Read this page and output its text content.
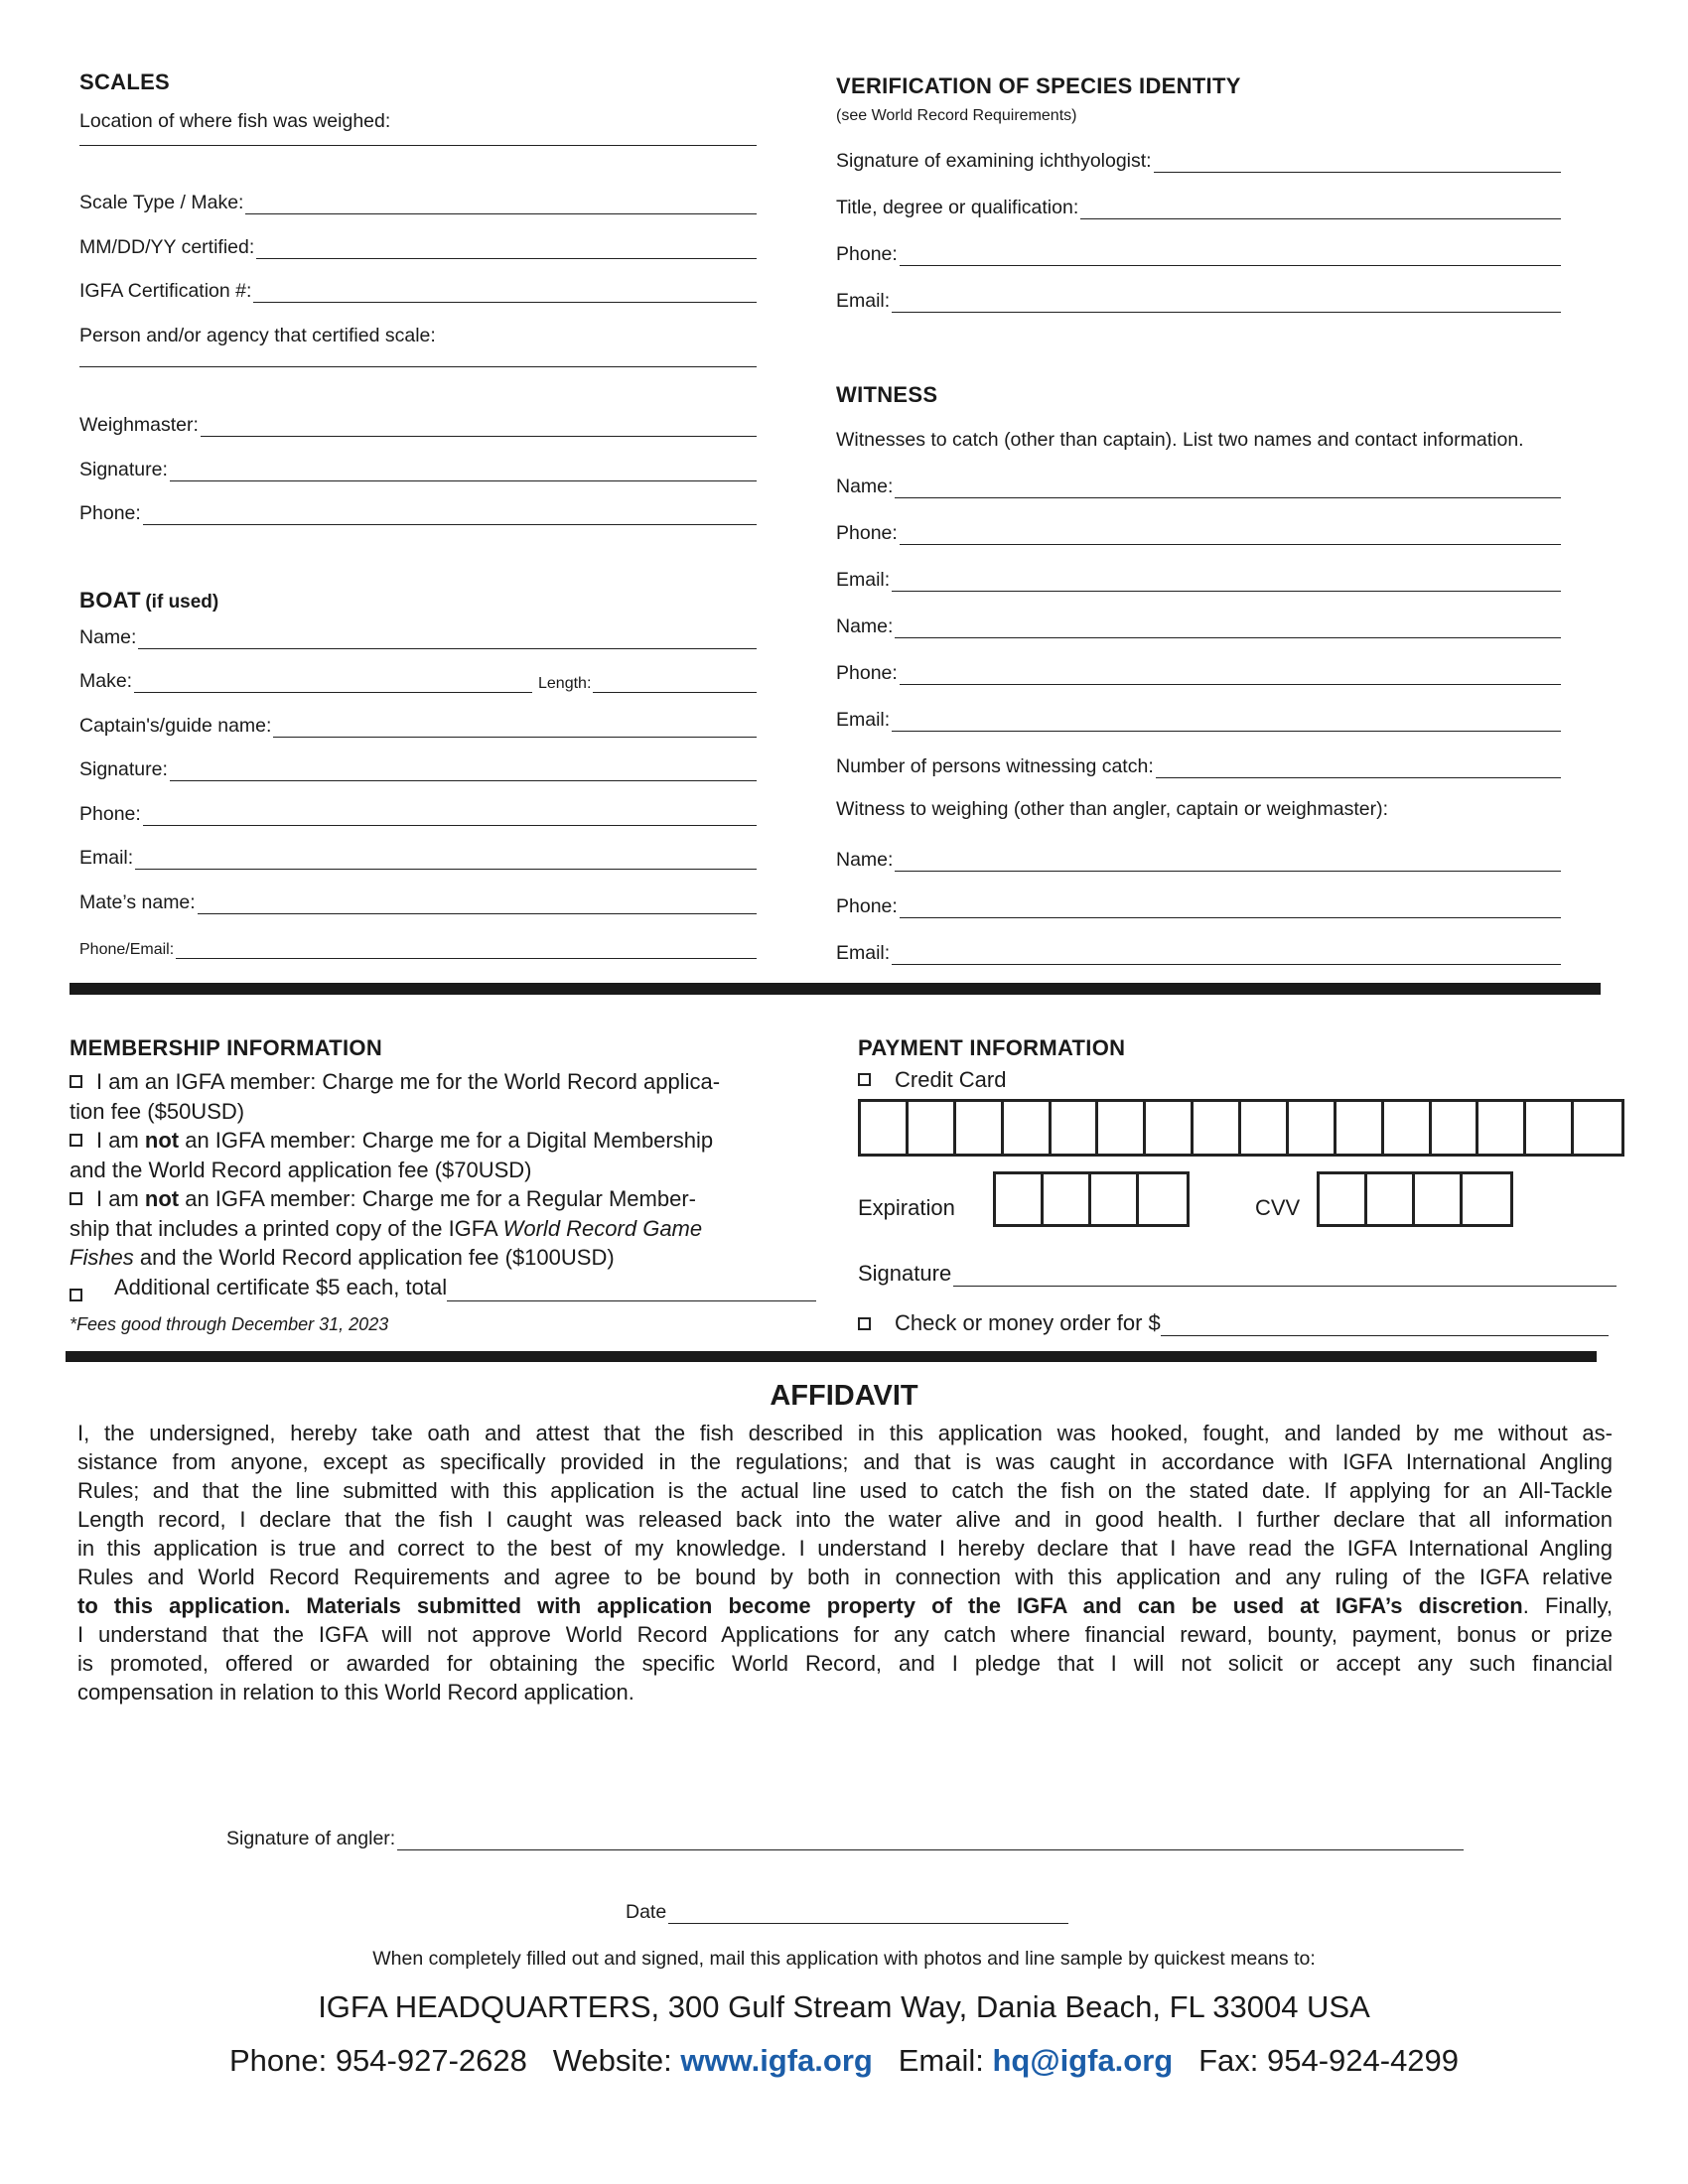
SCALES
Location of where fish was weighed:
Scale Type / Make:
MM/DD/YY certified:
IGFA Certification #:
Person and/or agency that certified scale:
Weighmaster:
Signature:
Phone:
BOAT (if used)
Name:
Make:	Length:
Captain's/guide name:
Signature:
Phone:
Email:
Mate’s name:
Phone/Email:
VERIFICATION OF SPECIES IDENTITY
(see World Record Requirements)
Signature of examining ichthyologist:
Title, degree or qualification:
Phone:
Email:
WITNESS
Witnesses to catch (other than captain). List two names and contact information.
Name:
Phone:
Email:
Name:
Phone:
Email:
Number of persons witnessing catch:
Witness to weighing (other than angler, captain or weighmaster):
Name:
Phone:
Email:
MEMBERSHIP INFORMATION
I am an IGFA member: Charge me for the World Record applica-
tion fee ($50USD)
I am not an IGFA member: Charge me for a Digital Membership
and the World Record application fee ($70USD)
I am not an IGFA member: Charge me for a Regular Member-
ship that includes a printed copy of the IGFA World Record Game
Fishes and the World Record application fee ($100USD)
Additional certificate $5 each, total
*Fees good through December 31, 2023
PAYMENT INFORMATION
Credit Card
Expiration	CVV
Signature
Check or money order for $
AFFIDAVIT
I, the undersigned, hereby take oath and attest that the fish described in this application was hooked, fought, and landed by me without as-
sistance from anyone, except as specifically provided in the regulations; and that is was caught in accordance with IGFA International Angling
Rules; and that the line submitted with this application is the actual line used to catch the fish on the stated date. If applying for an All-Tackle
Length record, I declare that the fish I caught was released back into the water alive and in good health. I further declare that all information
in this application is true and correct to the best of my knowledge. I understand I hereby declare that I have read the IGFA International Angling
Rules and World Record Requirements and agree to be bound by both in connection with this application and any ruling of the IGFA relative
to this application. Materials submitted with application become property of the IGFA and can be used at IGFA’s discretion. Finally,
I understand that the IGFA will not approve World Record Applications for any catch where financial reward, bounty, payment, bonus or prize
is promoted, offered or awarded for obtaining the specific World Record, and I pledge that I will not solicit or accept any such financial
compensation in relation to this World Record application.
Signature of angler:
Date
When completely filled out and signed, mail this application with photos and line sample by quickest means to:
IGFA HEADQUARTERS, 300 Gulf Stream Way, Dania Beach, FL 33004 USA
Phone: 954-927-2628 Website: www.igfa.org Email: hq@igfa.org Fax: 954-924-4299
